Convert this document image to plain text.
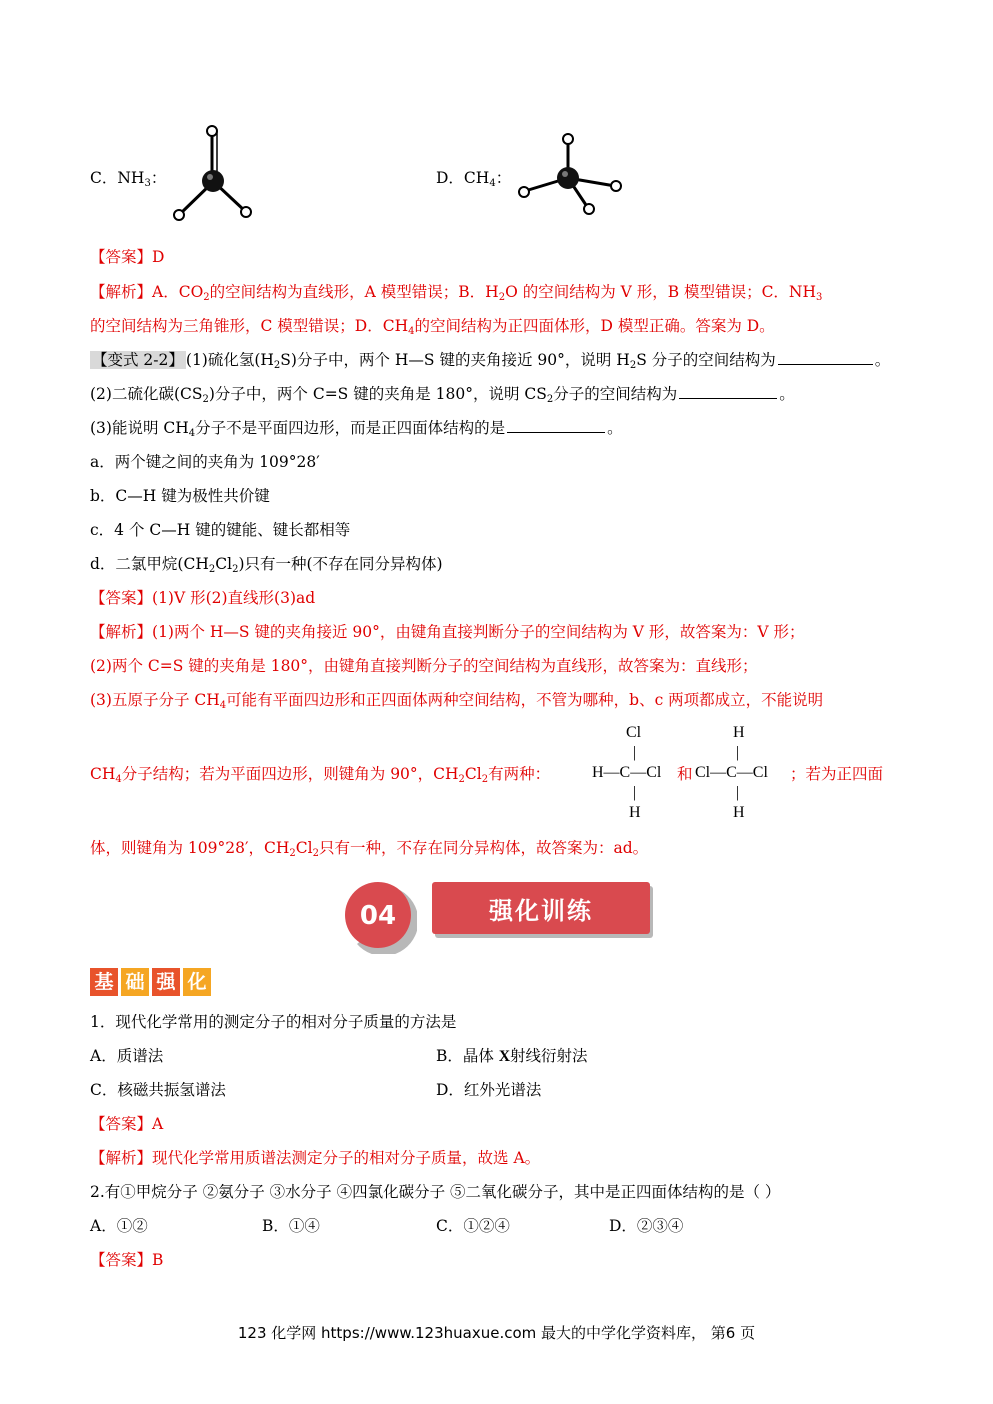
C．$NH_3$：	D．$CH_4$：
【答案】D
【解析】A．$CO_2$的空间结构为直线形，A 模型错误；B．$H_2O$ 的空间结构为 V 形，B 模型错误；C．$NH_3$
的空间结构为三角锥形，C 模型错误；D．$CH_4$的空间结构为正四面体形，D 模型正确。答案为 D。
【变式 2-2】 (1)硫化氢$(H_2S)$分子中，两个 H—S 键的夹角接近 90°，说明 $H_2S$ 分子的空间结构为	。
(2)二硫化碳$(CS_2)$分子中，两个 C=S 键的夹角是 180°，说明 $CS_2$分子的空间结构为	。
(3)能说明 $CH_4$分子不是平面四边形，而是正四面体结构的是	。
a．两个键之间的夹角为 109°28′
b．C—H 键为极性共价键
c．4 个 C—H 键的键能、键长都相等
d．二氯甲烷$(CH_2Cl_2)$只有一种(不存在同分异构体)
【答案】(1)V 形(2)直线形(3)ad
【解析】(1)两个 H—S 键的夹角接近 90°，由键角直接判断分子的空间结构为 V 形，故答案为：V 形；
(2)两个 C=S 键的夹角是 180°，由键角直接判断分子的空间结构为直线形，故答案为：直线形；
(3)五原子分子 $CH_4$可能有平面四边形和正四面体两种空间结构，不管为哪种，b、c 两项都成立，不能说明
$CH_4$分子结构；若为平面四边形，则键角为 90°，$CH_2Cl_2$有两种：
Cl
|
H—C—Cl
|
H
和
H
|
Cl—C—Cl
|
H
；若为正四面
体，则键角为 109°28′，$CH_2Cl_2$只有一种，不存在同分异构体，故答案为：ad。
04	强化训练
基 础 强 化
1．现代化学常用的测定分子的相对分子质量的方法是
A．质谱法	B．晶体 X射线衍射法
C．核磁共振氢谱法	D．红外光谱法
【答案】A
【解析】现代化学常用质谱法测定分子的相对分子质量，故选 A。
2.有①甲烷分子 ②氨分子 ③水分子 ④四氯化碳分子 ⑤二氧化碳分子，其中是正四面体结构的是（ ）
A．①②	B．①④	C．①②④	D．②③④
【答案】B
123 化学网 https://www.123huaxue.com 最大的中学化学资料库， 第6 页
